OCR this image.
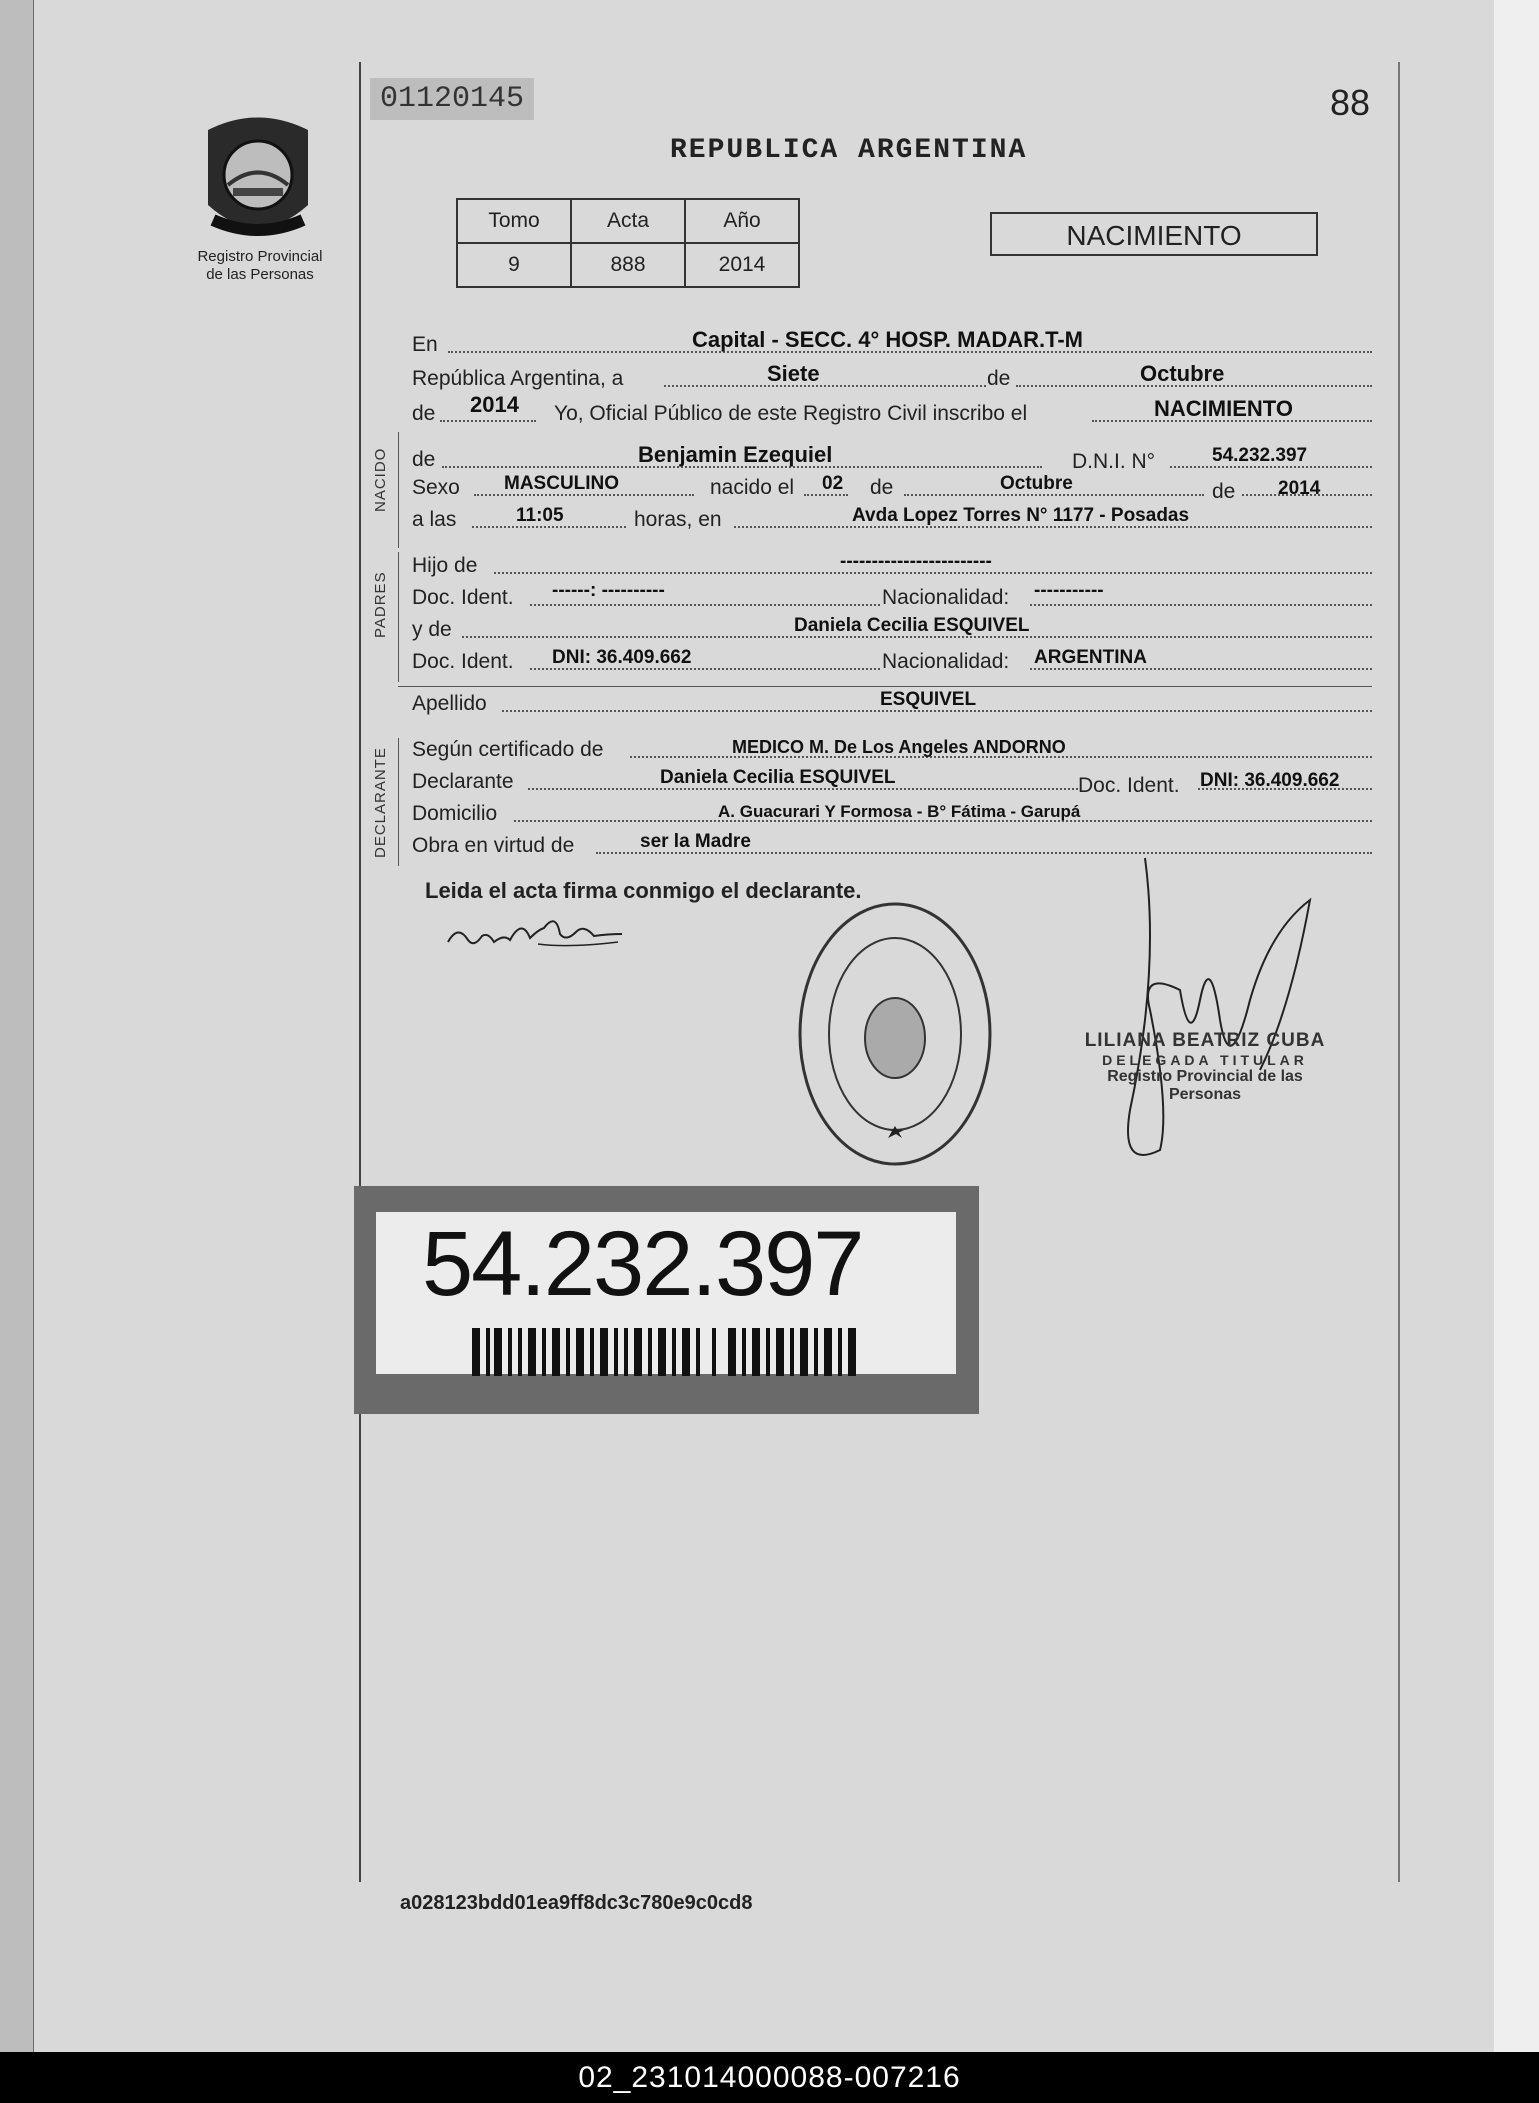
01120145	88
REPUBLICA ARGENTINA
Registro Provincial
de las Personas
Tomo	Acta	Año
9	888	2014
NACIMIENTO
NACIDO
PADRES
DECLARANTE
En	Capital - SECC. 4° HOSP. MADAR.T-M
República Argentina, a	Siete	de	Octubre
de 2014 Yo, Oficial Público de este Registro Civil inscribo el	NACIMIENTO
de	Benjamin Ezequiel	D.N.I. N°	54.232.397
Sexo MASCULINO	nacido el 02 de	Octubre	de 2014
a las	11:05	horas, en	Avda Lopez Torres N° 1177 - Posadas
Hijo de	------------------------
Doc. Ident. ------: ----------	Nacionalidad: -----------
y de	Daniela Cecilia ESQUIVEL
Doc. Ident. DNI: 36.409.662	Nacionalidad: ARGENTINA
Apellido	ESQUIVEL
Según certificado de	MEDICO M. De Los Angeles ANDORNO
Declarante	Daniela Cecilia ESQUIVEL	Doc. Ident. DNI: 36.409.662
Domicilio	A. Guacurari Y Formosa - B° Fátima - Garupá
Obra en virtud de	ser la Madre
Leida el acta firma conmigo el declarante.
LILIANA BEATRIZ CUBA
DELEGADA TITULAR
Registro Provincial de las Personas
54.232.397
a028123bdd01ea9ff8dc3c780e9c0cd8
02_231014000088-007216
